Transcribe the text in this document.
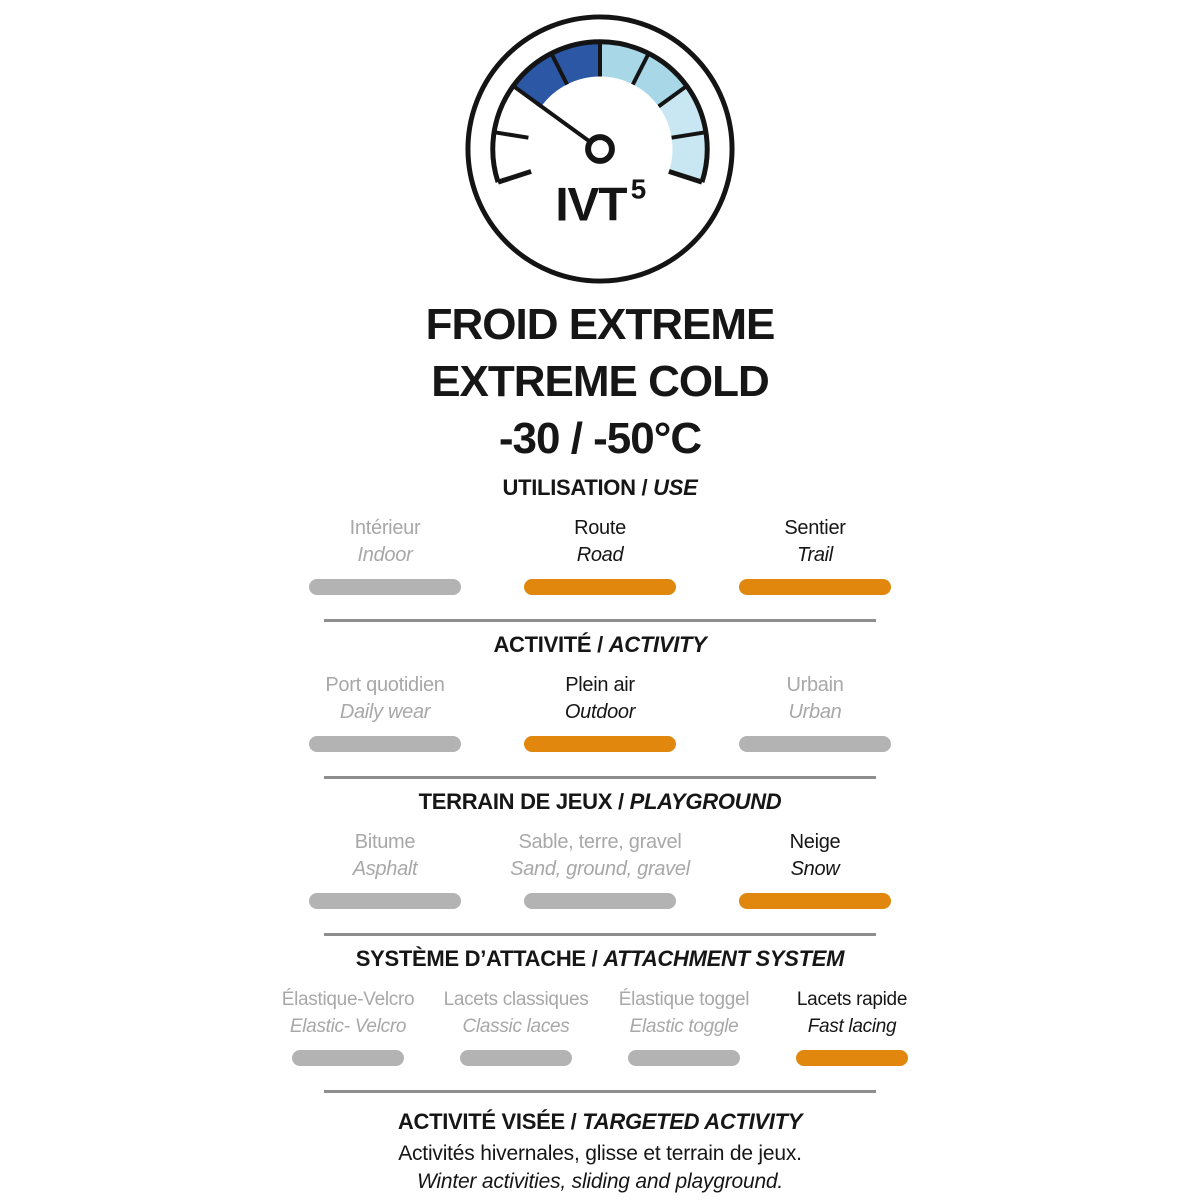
IVT 5
FROID EXTREME
EXTREME COLD
-30 / -50°C
UTILISATION / USE
Intérieur
Indoor
Route
Road
Sentier
Trail
ACTIVITÉ / ACTIVITY
Port quotidien
Daily wear
Plein air
Outdoor
Urbain
Urban
TERRAIN DE JEUX / PLAYGROUND
Bitume
Asphalt
Sable, terre, gravel
Sand, ground, gravel
Neige
Snow
SYSTÈME D’ATTACHE / ATTACHMENT SYSTEM
Élastique-Velcro
Elastic- Velcro
Lacets classiques
Classic laces
Élastique toggel
Elastic toggle
Lacets rapide
Fast lacing
ACTIVITÉ VISÉE / TARGETED ACTIVITY
Activités hivernales, glisse et terrain de jeux.
Winter activities, sliding and playground.
